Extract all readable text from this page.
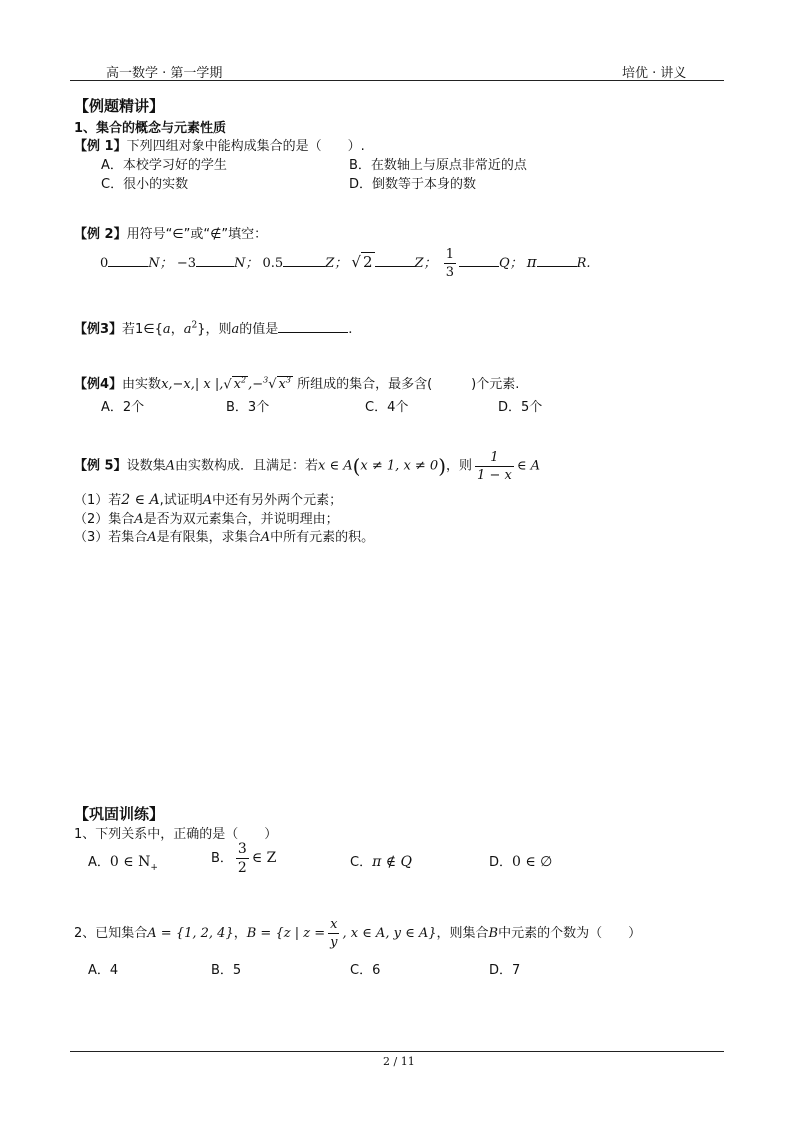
高一数学 · 第一学期	培优 · 讲义
【例题精讲】
1、集合的概念与元素性质
【例 1】下列四组对象中能构成集合的是（　　）.
A．本校学习好的学生	B．在数轴上与原点非常近的点
C．很小的实数	D．倒数等于本身的数
【例 2】用符号“∈”或“∉”填空：
0	N； −3	N； 0.5	Z； √ 2	Z； $\frac{1}{3}$	Q； π	R.
【例3】若1∈{a，$a^2$}，则a的值是	.
【例4】由实数x,−x,| x |,√ $x^2$ ,−$^3$√ $x^3$ 所组成的集合，最多含(　　　)个元素.
A．2个	B．3个	C．4个	D．5个
【例 5】设数集A由实数构成．且满足：若x ∈ A(x ≠ 1, x ≠ 0)，则 $\frac{1}{1 - x}$ ∈ A
（1）若2 ∈ A,试证明A中还有另外两个元素；
（2）集合A是否为双元素集合，并说明理由；
（3）若集合A是有限集，求集合A中所有元素的积。
【巩固训练】
1、下列关系中，正确的是（　　）
A．0 ∈ $N_+$
B． $\frac{3}{2}$ ∈ Z	C．π ∉ Q	D．0 ∈ ∅
2、已知集合A = {1, 2, 4}，B = {z | $z = \frac{x}{y}$ , x ∈ A, y ∈ A}，则集合B中元素的个数为（　　）
A．4	B．5	C．6	D．7
2 / 11
